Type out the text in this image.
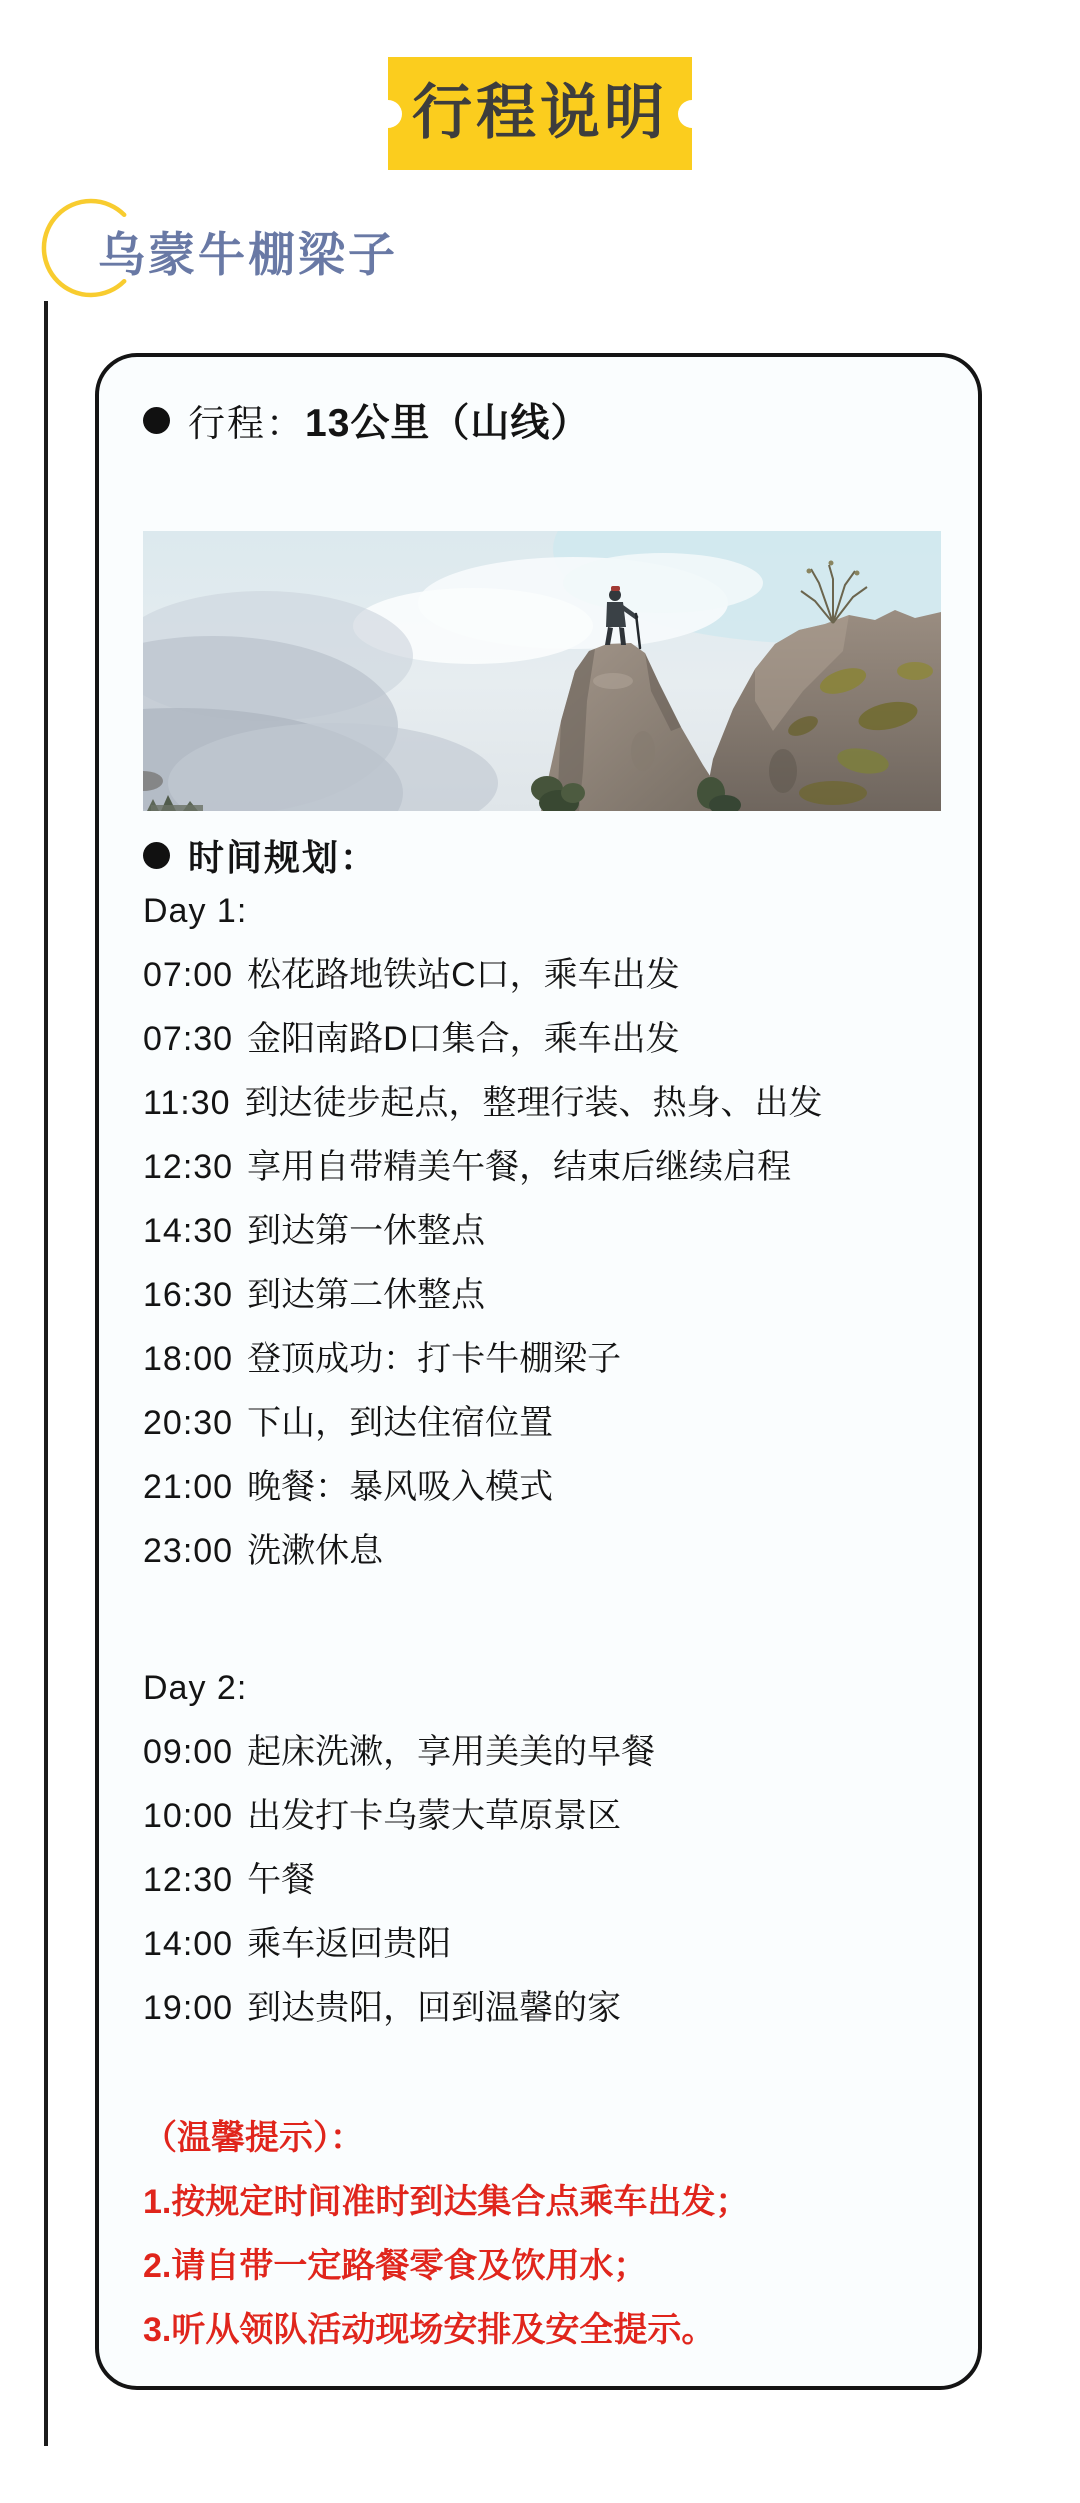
行程说明
乌蒙牛棚梁子
行程： 13公里（山线）
时间规划：
Day 1:
07:00 松花路地铁站C口，乘车出发
07:30 金阳南路D口集合，乘车出发
11:30 到达徒步起点，整理行装、热身、出发
12:30 享用自带精美午餐，结束后继续启程
14:30 到达第一休整点
16:30 到达第二休整点
18:00 登顶成功：打卡牛棚梁子
20:30 下山，到达住宿位置
21:00 晚餐：暴风吸入模式
23:00 洗漱休息
Day 2:
09:00 起床洗漱，享用美美的早餐
10:00 出发打卡乌蒙大草原景区
12:30 午餐
14:00 乘车返回贵阳
19:00 到达贵阳，回到温馨的家
（温馨提示）：
1.按规定时间准时到达集合点乘车出发；
2.请自带一定路餐零食及饮用水；
3.听从领队活动现场安排及安全提示。
